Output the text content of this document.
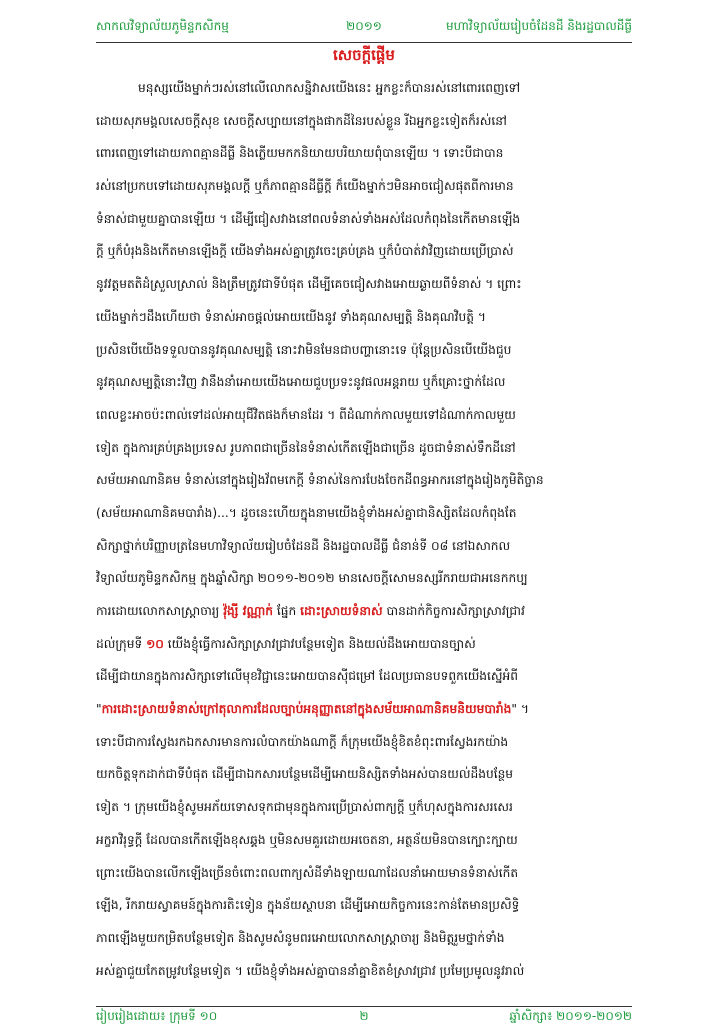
សាកលវិទ្យាល័យភូមិន្ទកសិកម្ម	២០១១	មហាវិទ្យាល័យរៀបចំដែនដី និងរដ្ឋបាលដីធ្លី
សេចក្តីផ្តើម
មនុស្សយើងម្នាក់ៗរស់នៅលើលោកសន្និវាសយើងនេះ អ្នកខ្លះក៏បានរស់នៅពោរពេញទៅ
ដោយសុភមង្គលសេចក្តីសុខ សេចក្តីសប្បាយនៅក្នុងផាកដីនៃរបស់ខ្លួន រីឯអ្នកខ្លះទៀតក៏រស់នៅ
ពោរពេញទៅដោយភាពគ្មានដីធ្លី និងភ្លើយមកកនិយាយបរិយាយពុំបានឡើយ ។ ទោះបីជាបាន
រស់នៅប្រកបទៅដោយសុភមង្គលក្តី ឬក៏ភាពគ្មានដីធ្លីក្តី ក៏យើងម្នាក់ៗមិនអាចជៀសផុតពីការមាន
ទំនាស់ជាមួយគ្នាបានឡើយ ។ ដើម្បីជៀសវាងនៅពលទំនាស់ទាំងអស់ដែលកំពុងនៃកើតមានឡើង
ក្តី ឬក៏បំរុងនិងកើតមានឡើងក្តី យើងទាំងអស់គ្នាត្រូវចេះគ្រប់គ្រង ឬក៏បំបាត់វាវិញដោយប្រើប្រាស់
នូវវត្តមតតិដំស្រួលស្រាល់ និងត្រឹមត្រូវជាទីបំផុត ដើម្បីគេចជៀសវាងអោយឆ្ងាយពីទំនាស់ ។ ព្រោះ
យើងម្នាក់ៗដឹងហើយថា ទំនាស់អាចផ្តល់អោយយើងនូវ ទាំងគុណសម្បត្តិ និងគុណវិបត្តិ ។
ប្រសិនបើយើងទទួលបាននូវគុណសម្បត្តិ នោះវាមិនមែនជាបញ្ហានោះទេ ប៉ុន្តែប្រសិនបើយើងជួប
នូវគុណសម្បត្តិនោះវិញ វានឹងនាំអោយយើងអោយជួបប្រទះនូវផលអន្តរាយ ឬក៏គ្រោះថ្នាក់ដែល
ពេលខ្លះអាចប៉ះពាល់ទៅដល់អាយុជីវិតផងក៏មានដែរ ។ ពីដំណាក់កាលមួយទៅដំណាក់កាលមួយ
ទៀត ក្នុងការគ្រប់គ្រងប្រទេស រូបភាពជាច្រើននៃទំនាស់កើតឡើងជាច្រើន ដូចជាទំនាស់ទឹកដីនៅ
សម័យអាណានិគម ទំនាស់នៅក្នុងរៀងវ័ពមកេក្តី ទំនាស់នៃការបែងចែកដីពន្ធអាករនៅក្នុងរៀងកូមិតិច្ចាន
(សម័យអាណានិគមបារាំង)...។ ដូចនេះហើយក្នុងនាមយើងខ្ញុំទាំងអស់គ្នាជានិស្សិតដែលកំពុងតែ
សិក្សាថ្នាក់បរិញ្ញាបត្រនៃមហាវិទ្យាល័យរៀបចំដែនដី និងរដ្ឋបាលដីធ្លី ជំនាន់ទី ០៨ នៅឯសាកល
វិទ្យាល័យភូមិន្ទកសិកម្ម ក្នុងឆ្នាំសិក្សា ២០១១-២០១២ មានសេចក្តីសោមនស្សរីករាយជាអនេកកប្ប
ការដោយលោកសាស្ត្រាចារ្យ វ៉ុង្សី វណ្ណាក់ ផ្នែក ដោះស្រាយទំនាស់ បានដាក់កិច្ចការសិក្សាស្រាវជ្រាវ
ដល់ក្រុមទី ១០ យើងខ្ញុំធ្វើការសិក្សាស្រាវជ្រាវបន្ថែមទៀត និងយល់ដឹងអោយបានច្បាស់
ដើម្បីជាយានក្នុងការសិក្សាទៅលើមុខវិជ្ជានេះអោយបានស៊ីជម្រៅ ដែលប្រធានបទពួកយើងស្នើអំពី
"ការដោះស្រាយទំនាស់ក្រៅតុលាការដែលច្បាប់អនុញ្ញាតនៅក្នុងសម័យអាណានិគមនិយមបារាំង" ។
ទោះបីជាការស្វែងរកឯកសារមានការលំបាកយ៉ាងណាក្តី ក៏ក្រុមយើងខ្ញុំខិតខំពុះពារស្វែងរកយ៉ាង
យកចិត្តទុកដាក់ជាទីបំផុត ដើម្បីជាឯកសារបន្ថែមដើម្បីអោយនិស្សិតទាំងអស់បានយល់ដឹងបន្ថែម
ទៀត ។ ក្រុមយើងខ្ញុំសូមអភ័យទោសទុកជាមុនក្នុងការប្រើប្រាស់ពាក្យក្តី ឬក៏ហុសក្នុងការសរសេរ
អក្ខរាវិរុទ្ធក្តី ដែលបានកើតឡើងខុសឆ្គង ឬមិនសមគួរដោយអចេតនា, អត្ថន័យមិនបានក្បោះក្បាយ
ព្រោះយើងបានលើកឡើងច្រើនចំពោះពលពាក្យសំដីទាំងឡាយណាដែលនាំអោយមានទំនាស់កើត
ឡើង, រីករាយស្វាគមន៍ក្នុងការតិះទៀន ក្នុងន័យស្ថាបនា ដើម្បីអោយកិច្ចការនេះកាន់តែមានប្រសិទ្ធិ
ភាពឡើងមួយកម្រិតបន្ថែមទៀត និងសូមសំនូមពរអោយលោកសាស្ត្រាចារ្យ និងមិត្តរួមថ្នាក់ទាំង
អស់គ្នាជួយកែតម្រូវបន្ថែមទៀត ។ យើងខ្ញុំទាំងអស់គ្នាបាននាំគ្នាខិតខំស្រាវជ្រាវ ប្រមែប្រមូលនូវរាល់
រៀបរៀងដោយ៖ ក្រុមទី ១០	២	ឆ្នាំសិក្សា៖ ២០១១-២០១២
